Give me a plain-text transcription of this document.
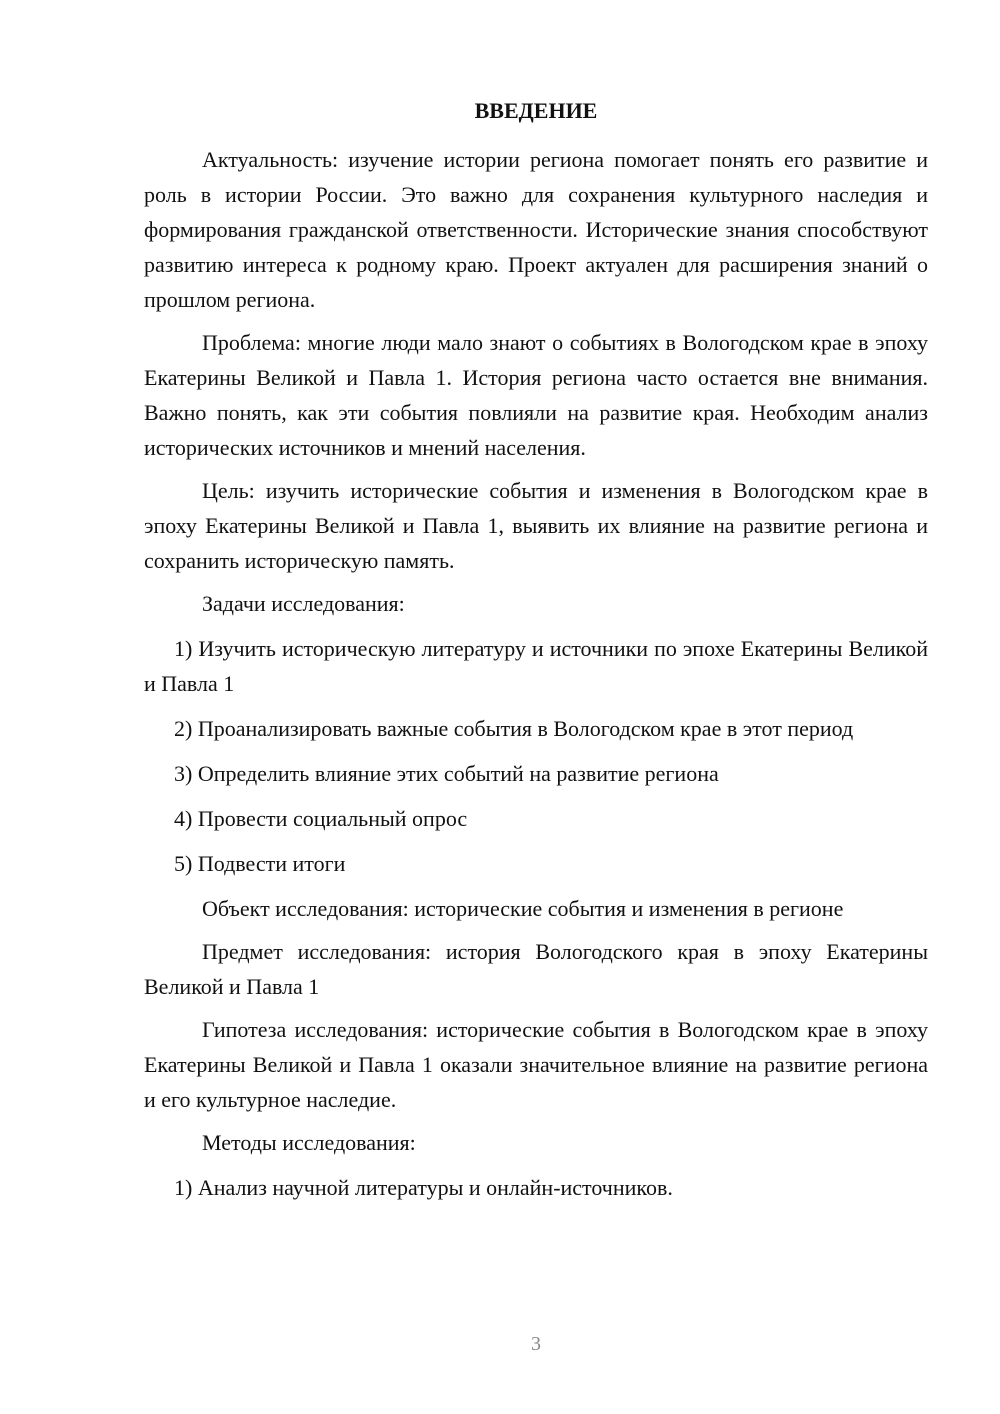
ВВЕДЕНИЕ

Актуальность: изучение истории региона помогает понять его развитие и роль в истории России. Это важно для сохранения культурного наследия и формирования гражданской ответственности. Исторические знания способствуют развитию интереса к родному краю. Проект актуален для расширения знаний о прошлом региона.

Проблема: многие люди мало знают о событиях в Вологодском крае в эпоху Екатерины Великой и Павла 1. История региона часто остается вне внимания. Важно понять, как эти события повлияли на развитие края. Необходим анализ исторических источников и мнений населения.

Цель: изучить исторические события и изменения в Вологодском крае в эпоху Екатерины Великой и Павла 1, выявить их влияние на развитие региона и сохранить историческую память.

Задачи исследования:

1) Изучить историческую литературу и источники по эпохе Екатерины Великой и Павла 1

2) Проанализировать важные события в Вологодском крае в этот период

3) Определить влияние этих событий на развитие региона

4) Провести социальный опрос

5) Подвести итоги

Объект исследования: исторические события и изменения в регионе

Предмет исследования: история Вологодского края в эпоху Екатерины Великой и Павла 1

Гипотеза исследования: исторические события в Вологодском крае в эпоху Екатерины Великой и Павла 1 оказали значительное влияние на развитие региона и его культурное наследие.

Методы исследования:

1) Анализ научной литературы и онлайн-источников.

3
